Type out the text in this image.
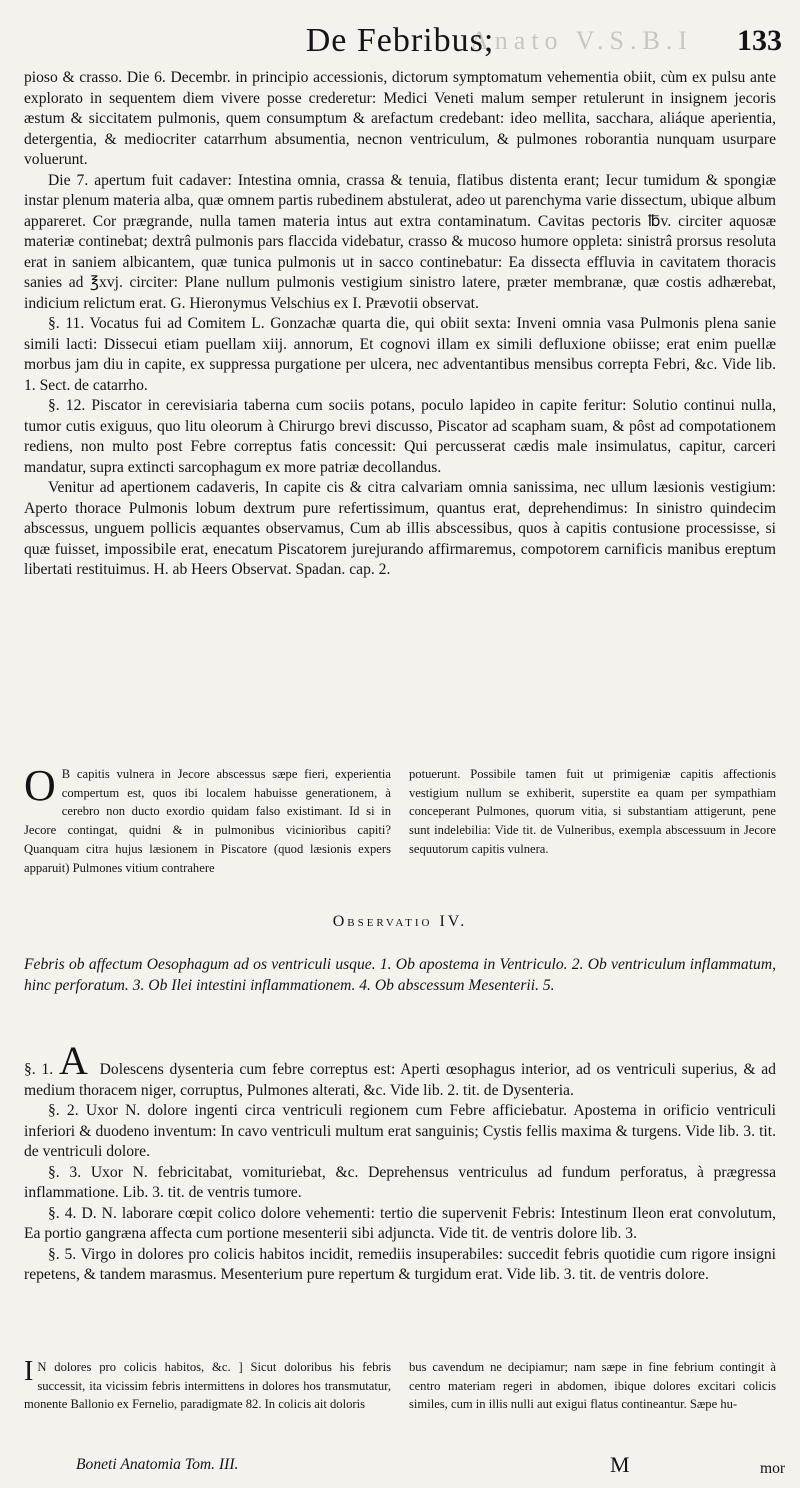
Anato V.S.B.I
De Febribus;	133

pioso & crasso. Die 6. Decembr. in principio accessionis, dictorum symptomatum vehementia obiit, cùm ex pulsu ante explorato in sequentem diem vivere posse crederetur: Medici Veneti malum semper retulerunt in insignem jecoris æstum & siccitatem pulmonis, quem consumptum & arefactum credebant: ideo mellita, sacchara, aliáque aperientia, detergentia, & mediocriter catarrhum absumentia, necnon ventriculum, & pulmones roborantia nunquam usurpare voluerunt.

Die 7. apertum fuit cadaver: Intestina omnia, crassa & tenuia, flatibus distenta erant; Iecur tumidum & spongiæ instar plenum materia alba, quæ omnem partis rubedinem abstulerat, adeo ut parenchyma varie dissectum, ubique album appareret. Cor prægrande, nulla tamen materia intus aut extra contaminatum. Cavitas pectoris ℔v. circiter aquosæ materiæ continebat; dextrâ pulmonis pars flaccida videbatur, crasso & mucoso humore oppleta: sinistrâ prorsus resoluta erat in saniem albicantem, quæ tunica pulmonis ut in sacco continebatur: Ea dissecta effluvia in cavitatem thoracis sanies ad ℥xvj. circiter: Plane nullum pulmonis vestigium sinistro latere, præter membranæ, quæ costis adhærebat, indicium relictum erat. G. Hieronymus Velschius ex I. Prævotii observat.

§. 11. Vocatus fui ad Comitem L. Gonzachæ quarta die, qui obiit sexta: Inveni omnia vasa Pulmonis plena sanie simili lacti: Dissecui etiam puellam xiij. annorum, Et cognovi illam ex simili defluxione obiisse; erat enim puellæ morbus jam diu in capite, ex suppressa purgatione per ulcera, nec adventantibus mensibus correpta Febri, &c. Vide lib. 1. Sect. de catarrho.

§. 12. Piscator in cerevisiaria taberna cum sociis potans, poculo lapideo in capite feritur: Solutio continui nulla, tumor cutis exiguus, quo litu oleorum à Chirurgo brevi discusso, Piscator ad scapham suam, & pôst ad compotationem rediens, non multo post Febre correptus fatis concessit: Qui percusserat cædis male insimulatus, capitur, carceri mandatur, supra extincti sarcophagum ex more patriæ decollandus.

Venitur ad apertionem cadaveris, In capite cis & citra calvariam omnia sanissima, nec ullum læsionis vestigium: Aperto thorace Pulmonis lobum dextrum pure refertissimum, quantus erat, deprehendimus: In sinistro quindecim abscessus, unguem pollicis æquantes observamus, Cum ab illis abscessibus, quos à capitis contusione processisse, si quæ fuisset, impossibile erat, enecatum Piscatorem jurejurando affirmaremus, compotorem carnificis manibus ereptum libertati restituimus. H. ab Heers Observat. Spadan. cap. 2.

O B capitis vulnera in Jecore abscessus sæpe fieri, experientia compertum est, quos ibi localem habuisse generationem, à cerebro non ducto exordio quidam falso existimant. Id si in Jecore contingat, quidni & in pulmonibus viciniorìbus capiti? Quanquam citra hujus læsionem in Piscatore (quod læsionis expers apparuit) Pulmones vitium contrahere
potuerunt. Possibile tamen fuit ut primigeniæ capitis affectionis vestigium nullum se exhiberit, superstite ea quam per sympathiam conceperant Pulmones, quorum vitia, si substantiam attigerunt, pene sunt indelebilia: Vide tit. de Vulneribus, exempla abscessuum in Jecore sequutorum capitis vulnera.
Observatio IV.
Febris ob affectum Oesophagum ad os ventriculi usque. 1. Ob apostema in Ventriculo. 2. Ob ventriculum inflammatum, hinc perforatum. 3. Ob Ilei intestini inflammationem. 4. Ob abscessum Mesenterii. 5.
§. 1. A Dolescens dysenteria cum febre correptus est: Aperti œsophagus interior, ad os ventriculi superius, & ad medium thoracem niger, corruptus, Pulmones alterati, &c. Vide lib. 2. tit. de Dysenteria.
§. 2. Uxor N. dolore ingenti circa ventriculi regionem cum Febre afficiebatur. Apostema in orificio ventriculi inferiori & duodeno inventum: In cavo ventriculi multum erat sanguinis; Cystis fellis maxima & turgens. Vide lib. 3. tit. de ventriculi dolore.
§. 3. Uxor N. febricitabat, vomituriebat, &c. Deprehensus ventriculus ad fundum perforatus, à prægressa inflammatione. Lib. 3. tit. de ventris tumore.
§. 4. D. N. laborare cœpit colico dolore vehementi: tertio die supervenit Febris: Intestinum Ileon erat convolutum, Ea portio gangræna affecta cum portione mesenterii sibi adjuncta. Vide tit. de ventris dolore lib. 3.
§. 5. Virgo in dolores pro colicis habitos incidit, remediis insuperabiles: succedit febris quotidie cum rigore insigni repetens, & tandem marasmus. Mesenterium pure repertum & turgidum erat. Vide lib. 3. tit. de ventris dolore.
I N dolores pro colicis habitos, &c. ] Sicut doloribus his febris successit, ita vicissim febris intermittens in dolores hos transmutatur, monente Ballonio ex Fernelio, paradigmate 82. In colicis ait doloris
bus cavendum ne decipiamur; nam sæpe in fine febrium contingit à centro materiam regeri in abdomen, ibique dolores excitari colicis similes, cum in illis nulli aut exigui flatus contineantur. Sæpe hu-
Boneti Anatomia Tom. III.	M	mor
